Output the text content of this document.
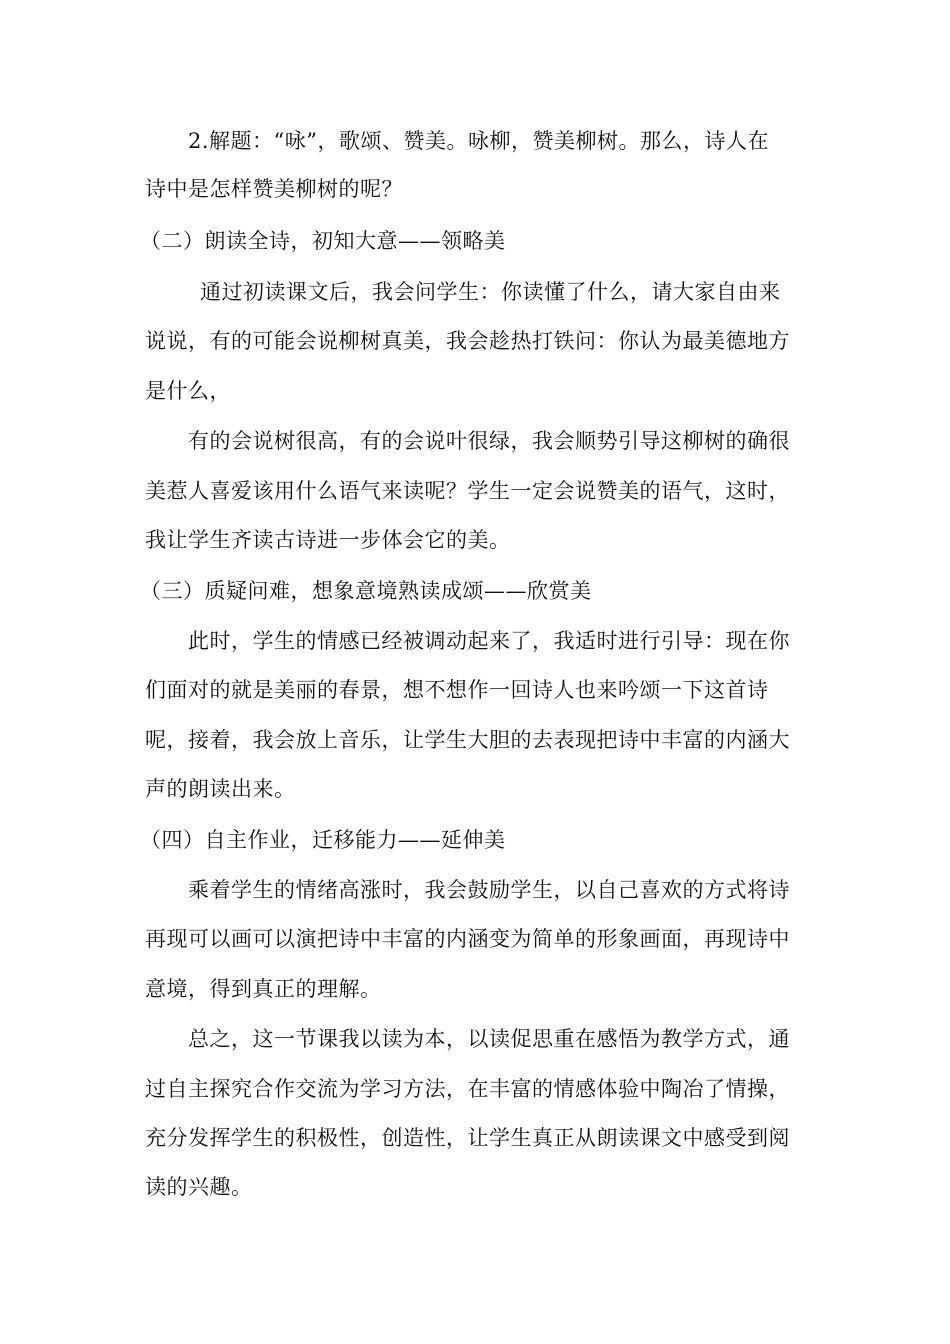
2.解题：“咏”，歌颂、赞美。咏柳，赞美柳树。那么，诗人在
诗中是怎样赞美柳树的呢？
（二）朗读全诗，初知大意——领略美
通过初读课文后，我会问学生：你读懂了什么，请大家自由来
说说，有的可能会说柳树真美，我会趁热打铁问：你认为最美德地方
是什么，
有的会说树很高，有的会说叶很绿，我会顺势引导这柳树的确很
美惹人喜爱该用什么语气来读呢？学生一定会说赞美的语气，这时，
我让学生齐读古诗进一步体会它的美。
（三）质疑问难，想象意境熟读成颂——欣赏美
此时，学生的情感已经被调动起来了，我适时进行引导：现在你
们面对的就是美丽的春景，想不想作一回诗人也来吟颂一下这首诗
呢，接着，我会放上音乐，让学生大胆的去表现把诗中丰富的内涵大
声的朗读出来。
（四）自主作业，迁移能力——延伸美
乘着学生的情绪高涨时，我会鼓励学生，以自己喜欢的方式将诗
再现可以画可以演把诗中丰富的内涵变为简单的形象画面，再现诗中
意境，得到真正的理解。
总之，这一节课我以读为本，以读促思重在感悟为教学方式，通
过自主探究合作交流为学习方法，在丰富的情感体验中陶冶了情操，
充分发挥学生的积极性，创造性，让学生真正从朗读课文中感受到阅
读的兴趣。
